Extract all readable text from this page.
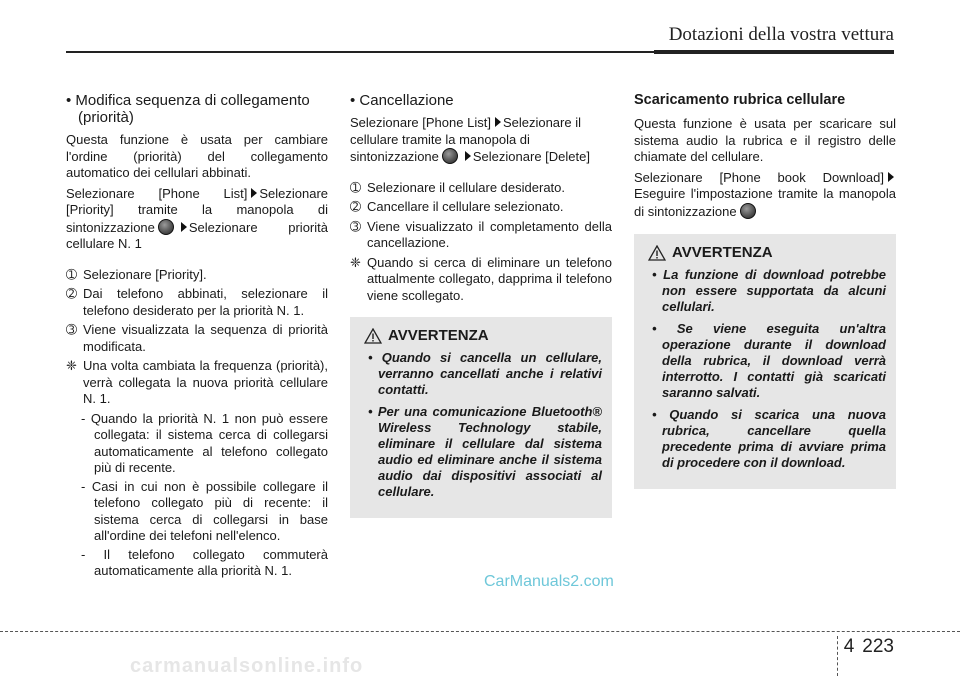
Dotazioni della vostra vettura
• Modifica sequenza di collegamento
(priorità)

Questa funzione è usata per cambiare l'ordine (priorità) del collegamento automatico dei cellulari abbinati.

Selezionare [Phone List] Selezionare [Priority] tramite la manopola di sintonizzazione	Selezionare priorità cellulare N. 1

➀ Selezionare [Priority].

➁ Dai telefono abbinati, selezionare il telefono desiderato per la priorità N. 1.

➂ Viene visualizzata la sequenza di priorità modificata.

❈ Una volta cambiata la frequenza (priorità), verrà collegata la nuova priorità cellulare N. 1.

- Quando la priorità N. 1 non può essere collegata: il sistema cerca di collegarsi automaticamente al telefono collegato più di recente.

- Casi in cui non è possibile collegare il telefono collegato più di recente: il sistema cerca di collegarsi in base all'ordine dei telefoni nell'elenco.

- Il telefono collegato commuterà automaticamente alla priorità N. 1.

• Cancellazione

Selezionare [Phone List] Selezionare il cellulare tramite la manopola di sintonizzazione	Selezionare [Delete]

➀ Selezionare il cellulare desiderato.

➁ Cancellare il cellulare selezionato.

➂ Viene visualizzato il completamento della cancellazione.

❈ Quando si cerca di eliminare un telefono attualmente collegato, dapprima il telefono viene scollegato.

AVVERTENZA

• Quando si cancella un cellulare, verranno cancellati anche i relativi contatti.

• Per una comunicazione Bluetooth® Wireless Technology stabile, eliminare il cellulare dal sistema audio ed eliminare anche il sistema audio dai dispositivi associati al cellulare.

Scaricamento rubrica cellulare

Questa funzione è usata per scaricare sul sistema audio la rubrica e il registro delle chiamate del cellulare.

Selezionare [Phone book Download]Eseguire l'impostazione tramite la manopola di sintonizzazione

AVVERTENZA

• La funzione di download potrebbe non essere supportata da alcuni cellulari.

• Se viene eseguita un'altra operazione durante il download della rubrica, il download verrà interrotto. I contatti già scaricati saranno salvati.

• Quando si scarica una nuova rubrica, cancellare quella precedente prima di avviare prima di procedere con il download.

CarManuals2.com
4 223
carmanualsonline.info
